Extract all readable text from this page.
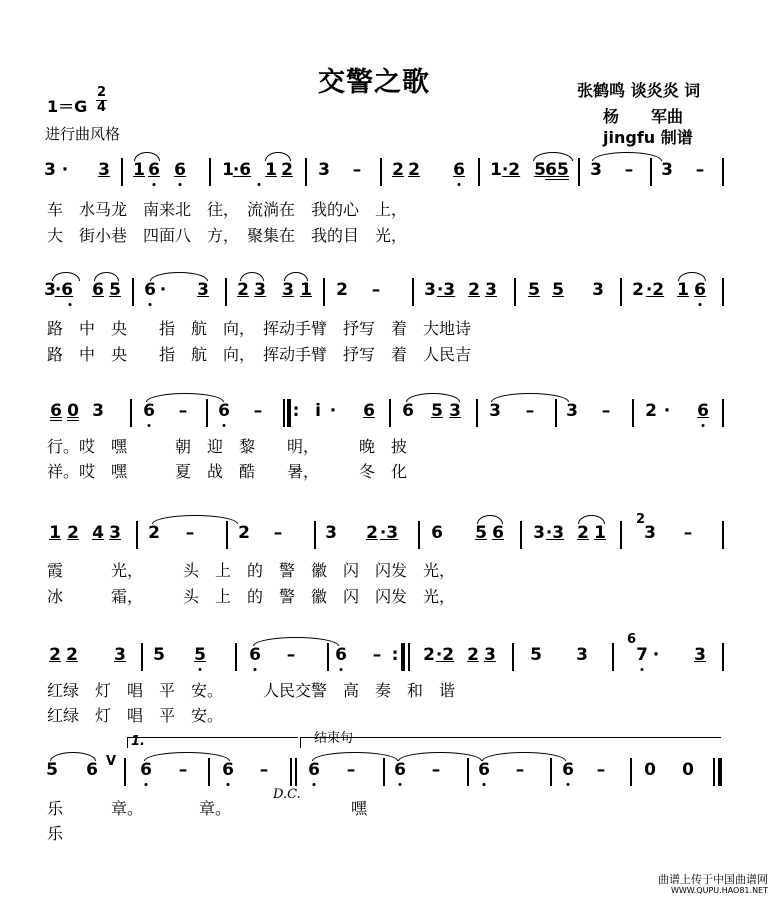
交警之歌
1＝G
2
4
进行曲风格
张鹤鸣 谈炎炎 词
杨　　军曲
jingfu 制谱
3 · 3 1 6 6 1
·6 1 2 3 – 2 2 6 1 ·2 5 65 3 – 3 –
车　水马龙　南来北　往，　流淌在　我的心　上，
大　街小巷　四面八　方，　聚集在　我的目　光，
3
·6 6 5 6 · 3 2 3 3 1 2 –	3 ·3 2 3 5 5 3 2 ·2 1 6
路　中　央　　指　航　向，　挥动手臂　抒写　着　大地诗
路　中　央　　指　航　向，　挥动手臂　抒写　着　人民吉
6 0 3 6 – 6 – : i · 6 6 5 3 3 – 3 – 2 · 6
行。哎　嘿　　　朝　迎　黎　　明，　　　晚　披
祥。哎　嘿　　　夏　战　酷　　暑，　　　冬　化
1 2 4 3 2 –	2 –	3 2 ·3 6 5 6 3 ·3 2 1
2
3 –
霞　　　光，　　　头　上　的　警　徽　闪　闪发　光，
冰　　　霜，　　　头　上　的　警　徽　闪　闪发　光，
2 2 3 5 5	6 – 6 – : 2 ·2 2 3 5 3
6
7 · 3
红绿　灯　唱　平　安。　　　人民交警　高　奏　和　谐
红绿　灯　唱　平　安。
1.	结束句
5 6 V 6 – 6 – 6 – 6 – 6 – 6 – 0 0
D.C.
乐　　　章。　　　　章。　　　　　　　　嘿
乐
曲谱上传于中国曲谱网
WWW.QUPU.HAO81.NET
